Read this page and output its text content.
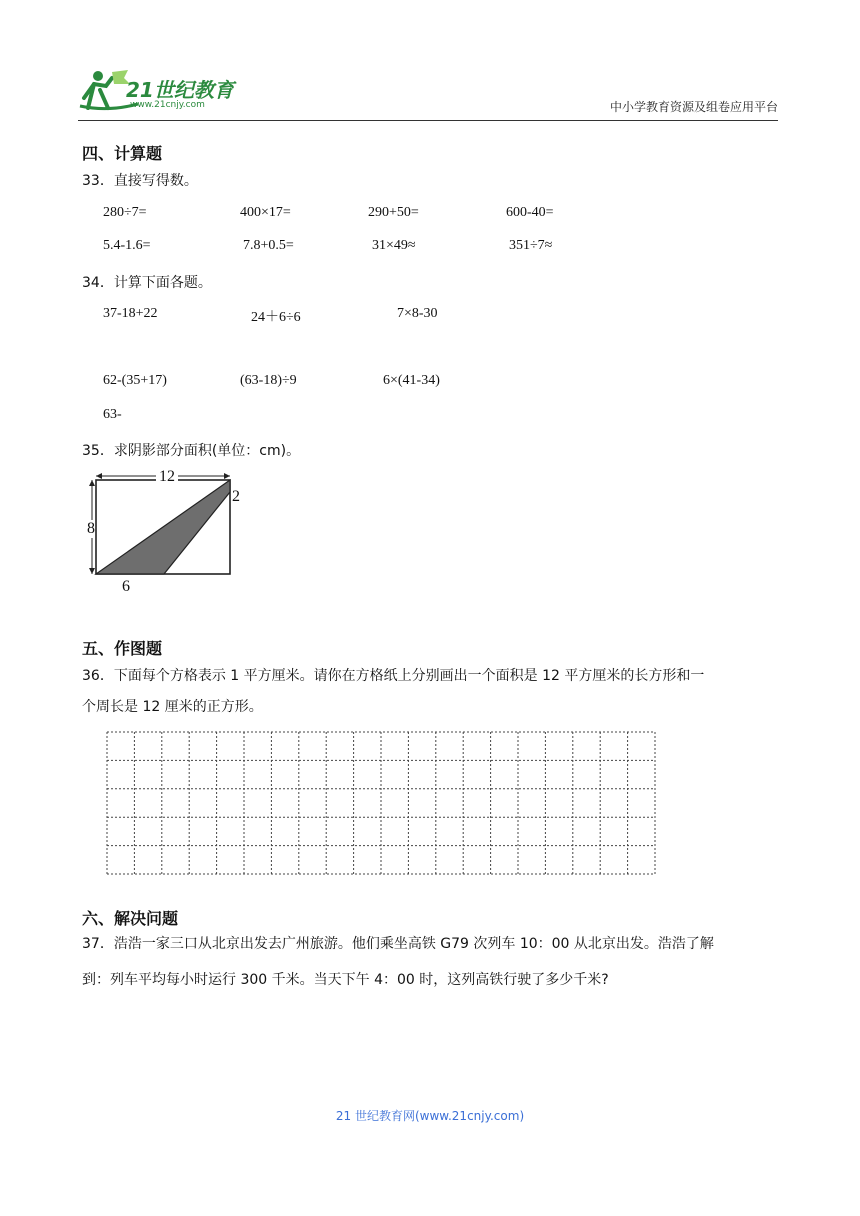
21世纪教育
www.21cnjy.com	中小学教育资源及组卷应用平台
四、计算题
33．直接写得数。
280÷7=	400×17=	290+50=	600-40=
5.4-1.6=	7.8+0.5=	31×49≈	351÷7≈
34．计算下面各题。
37-18+22	24＋6÷6	7×8-30
62-(35+17)	(63-18)÷9	6×(41-34)
63-
35．求阴影部分面积(单位：cm)。
12
8
6
2
五、作图题
36．下面每个方格表示 1 平方厘米。请你在方格纸上分别画出一个面积是 12 平方厘米的长方形和一
个周长是 12 厘米的正方形。
六、解决问题
37．浩浩一家三口从北京出发去广州旅游。他们乘坐高铁 G79 次列车 10：00 从北京出发。浩浩了解
到：列车平均每小时运行 300 千米。当天下午 4：00 时，这列高铁行驶了多少千米?
21 世纪教育网(www.21cnjy.com)
